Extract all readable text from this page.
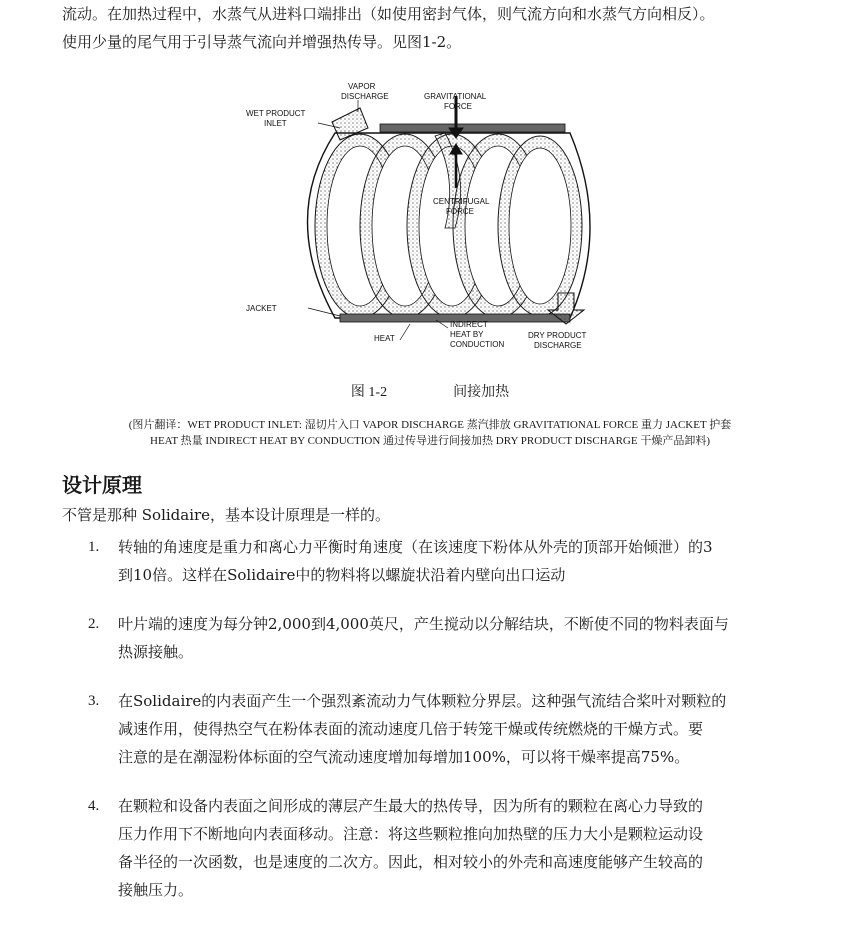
流动。在加热过程中，水蒸气从进料口端排出（如使用密封气体，则气流方向和水蒸气方向相反）。

使用少量的尾气用于引导蒸气流向并增强热传导。见图1-2。

VAPOR
DISCHARGE
WET PRODUCT
INLET
GRAVITATIONAL
FORCE
CENTRIFUGAL
FORCE
JACKET
HEAT
INDIRECT
HEAT BY
CONDUCTION
DRY PRODUCT
DISCHARGE
图 1-2	间接加热
(图片翻译：WET PRODUCT INLET: 湿切片入口 VAPOR DISCHARGE 蒸汽排放 GRAVITATIONAL FORCE 重力 JACKET 护套
HEAT 热量 INDIRECT HEAT BY CONDUCTION 通过传导进行间接加热 DRY PRODUCT DISCHARGE 干燥产品卸料)
设计原理

不管是那种 Solidaire，基本设计原理是一样的。

1. 转轴的角速度是重力和离心力平衡时角速度（在该速度下粉体从外壳的顶部开始倾泄）的3
到10倍。这样在Solidaire中的物料将以螺旋状沿着内壁向出口运动
2. 叶片端的速度为每分钟2,000到4,000英尺，产生搅动以分解结块，不断使不同的物料表面与
热源接触。
3. 在Solidaire的内表面产生一个强烈紊流动力气体颗粒分界层。这种强气流结合桨叶对颗粒的
减速作用，使得热空气在粉体表面的流动速度几倍于转笼干燥或传统燃烧的干燥方式。要
注意的是在潮湿粉体标面的空气流动速度增加每增加100%，可以将干燥率提高75%。
4. 在颗粒和设备内表面之间形成的薄层产生最大的热传导，因为所有的颗粒在离心力导致的
压力作用下不断地向内表面移动。注意：将这些颗粒推向加热壁的压力大小是颗粒运动设
备半径的一次函数，也是速度的二次方。因此，相对较小的外壳和高速度能够产生较高的
接触压力。
